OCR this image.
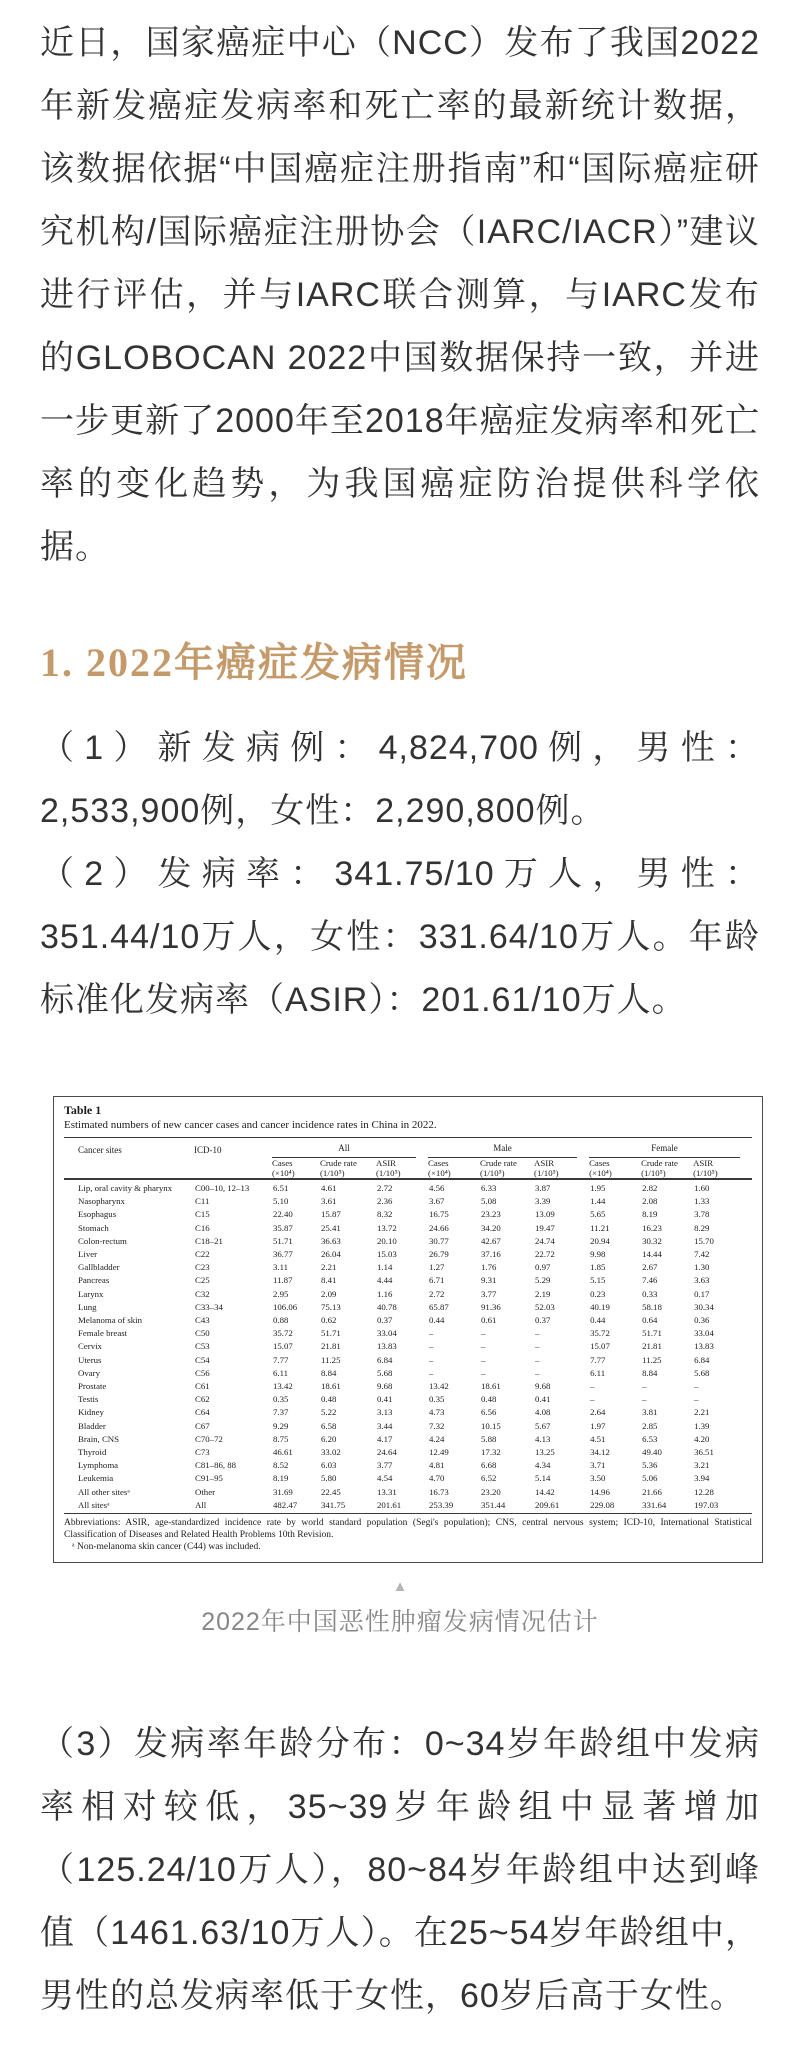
近日，国家癌症中心（NCC）发布了我国2022年新发癌症发病率和死亡率的最新统计数据，该数据依据“中国癌症注册指南”和“国际癌症研究机构/国际癌症注册协会（IARC/IACR）”建议进行评估，并与IARC联合测算，与IARC发布的GLOBOCAN 2022中国数据保持一致，并进一步更新了2000年至2018年癌症发病率和死亡率的变化趋势，为我国癌症防治提供科学依据。

1. 2022年癌症发病情况

（1）新发病例：4,824,700例，男性：2,533,900例，女性：2,290,800例。

（2）发病率：341.75/10万人，男性：351.44/10万人，女性：331.64/10万人。年龄标准化发病率（ASIR）：201.61/10万人。

Table 1
Estimated numbers of new cancer cases and cancer incidence rates in China in 2022.
Cancer sites	ICD-10	All			Male			Female		

		Cases
(×10⁴)	Crude rate
(1/10⁵)	ASIR
(1/10⁵)	Cases
(×10⁴)	Crude rate
(1/10⁵)	ASIR
(1/10⁵)	Cases
(×10⁴)	Crude rate
(1/10⁵)	ASIR
(1/10⁵)

Lip, oral cavity & pharynx	C00–10, 12–13	6.51	4.61	2.72	4.56	6.33	3.87	1.95	2.82	1.60
Nasopharynx	C11	5.10	3.61	2.36	3.67	5.08	3.39	1.44	2.08	1.33
Esophagus	C15	22.40	15.87	8.32	16.75	23.23	13.09	5.65	8.19	3.78
Stomach	C16	35.87	25.41	13.72	24.66	34.20	19.47	11.21	16.23	8.29
Colon-rectum	C18–21	51.71	36.63	20.10	30.77	42.67	24.74	20.94	30.32	15.70
Liver	C22	36.77	26.04	15.03	26.79	37.16	22.72	9.98	14.44	7.42
Gallbladder	C23	3.11	2.21	1.14	1.27	1.76	0.97	1.85	2.67	1.30
Pancreas	C25	11.87	8.41	4.44	6.71	9.31	5.29	5.15	7.46	3.63
Larynx	C32	2.95	2.09	1.16	2.72	3.77	2.19	0.23	0.33	0.17
Lung	C33–34	106.06	75.13	40.78	65.87	91.36	52.03	40.19	58.18	30.34
Melanoma of skin	C43	0.88	0.62	0.37	0.44	0.61	0.37	0.44	0.64	0.36
Female breast	C50	35.72	51.71	33.04	–	–	–	35.72	51.71	33.04
Cervix	C53	15.07	21.81	13.83	–	–	–	15.07	21.81	13.83
Uterus	C54	7.77	11.25	6.84	–	–	–	7.77	11.25	6.84
Ovary	C56	6.11	8.84	5.68	–	–	–	6.11	8.84	5.68
Prostate	C61	13.42	18.61	9.68	13.42	18.61	9.68	–	–	–
Testis	C62	0.35	0.48	0.41	0.35	0.48	0.41	–	–	–
Kidney	C64	7.37	5.22	3.13	4.73	6.56	4.08	2.64	3.81	2.21
Bladder	C67	9.29	6.58	3.44	7.32	10.15	5.67	1.97	2.85	1.39
Brain, CNS	C70–72	8.75	6.20	4.17	4.24	5.88	4.13	4.51	6.53	4.20
Thyroid	C73	46.61	33.02	24.64	12.49	17.32	13.25	34.12	49.40	36.51
Lymphoma	C81–86, 88	8.52	6.03	3.77	4.81	6.68	4.34	3.71	5.36	3.21
Leukemia	C91–95	8.19	5.80	4.54	4.70	6.52	5.14	3.50	5.06	3.94
All other sitesᵃ	Other	31.69	22.45	13.31	16.73	23.20	14.42	14.96	21.66	12.28
All sitesᵃ	All	482.47	341.75	201.61	253.39	351.44	209.61	229.08	331.64	197.03
Abbreviations: ASIR, age-standardized incidence rate by world standard population (Segi's population); CNS, central nervous system; ICD-10, International Statistical Classification of Diseases and Related Health Problems 10th Revision.
ᵃ Non-melanoma skin cancer (C44) was included.
▲

2022年中国恶性肿瘤发病情况估计

（3）发病率年龄分布：0~34岁年龄组中发病率相对较低，35~39岁年龄组中显著增加（125.24/10万人），80~84岁年龄组中达到峰值（1461.63/10万人）。在25~54岁年龄组中，男性的总发病率低于女性，60岁后高于女性。
